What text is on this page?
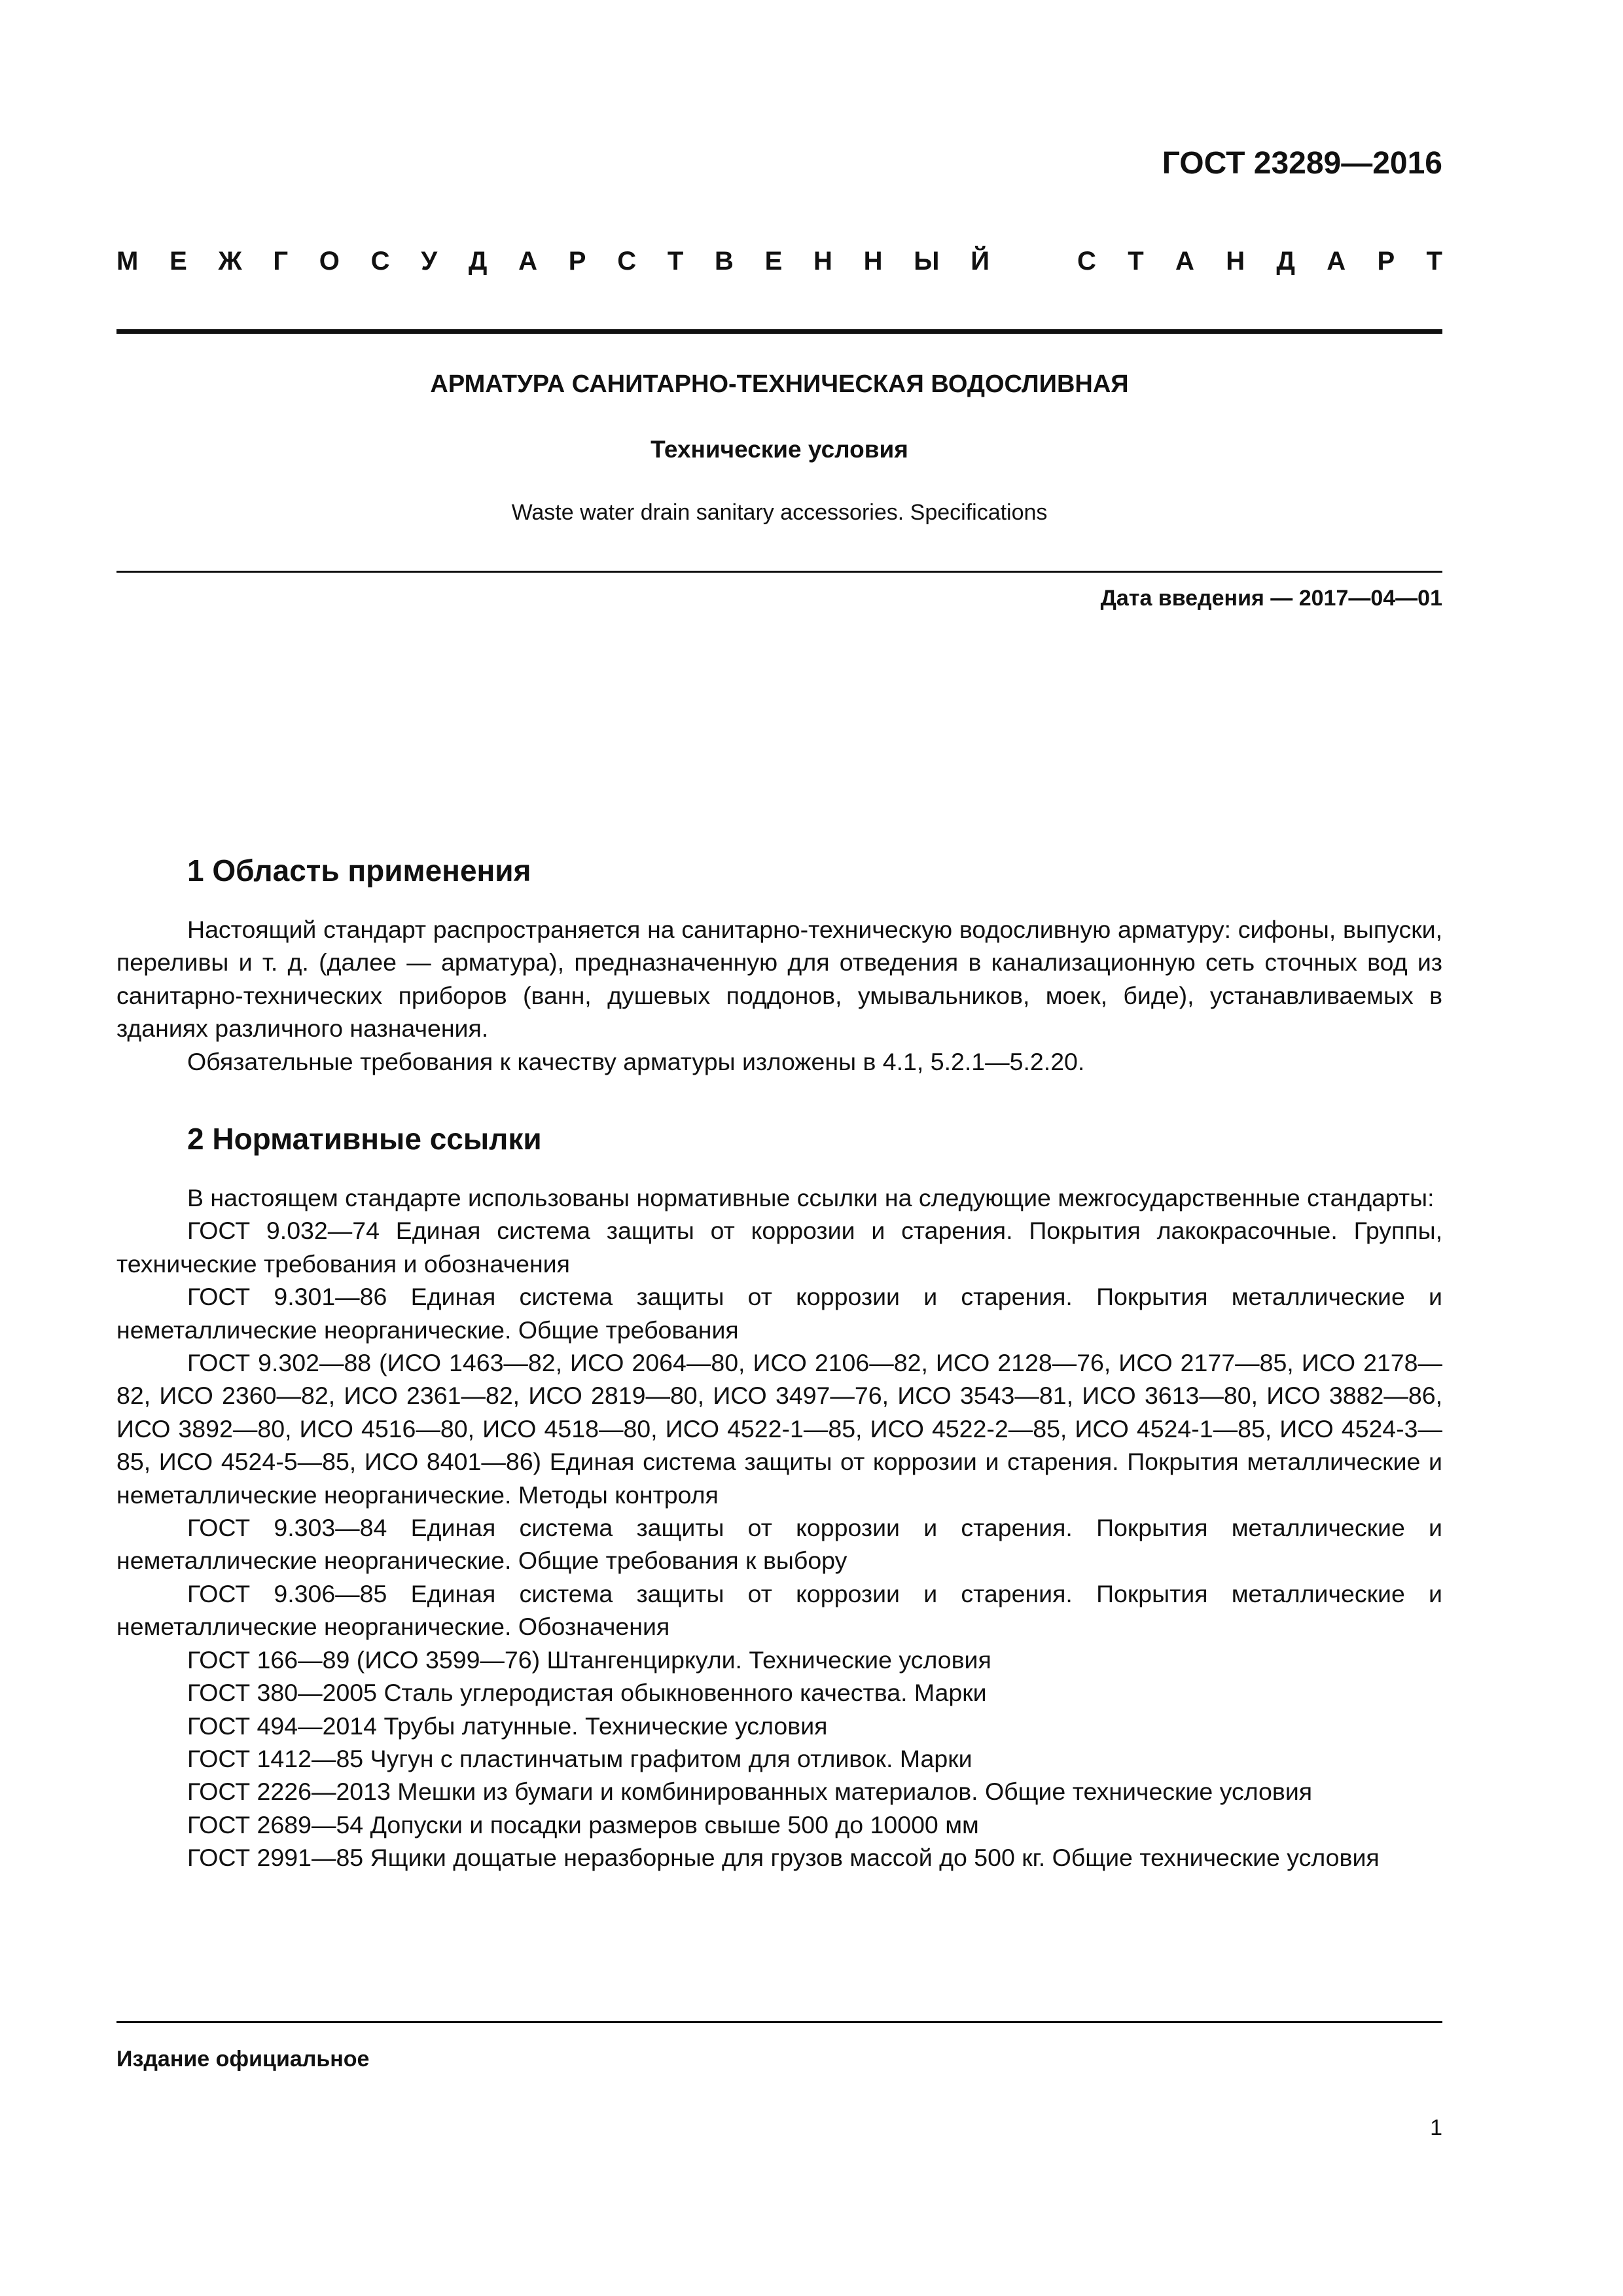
ГОСТ 23289—2016
М Е Ж Г О С У Д А Р С Т В Е Н Н Ы Й	С Т А Н Д А Р Т
АРМАТУРА САНИТАРНО-ТЕХНИЧЕСКАЯ ВОДОСЛИВНАЯ
Технические условия
Waste water drain sanitary accessories. Specifications
Дата введения — 2017—04—01
1 Область применения

Настоящий стандарт распространяется на санитарно-техническую водосливную арматуру: сифоны, выпуски, переливы и т. д. (далее — арматура), предназначенную для отведения в канализационную сеть сточных вод из санитарно-технических приборов (ванн, душевых поддонов, умывальников, моек, биде), устанавливаемых в зданиях различного назначения.

Обязательные требования к качеству арматуры изложены в 4.1, 5.2.1—5.2.20.

2 Нормативные ссылки

В настоящем стандарте использованы нормативные ссылки на следующие межгосударственные стандарты:

ГОСТ 9.032—74 Единая система защиты от коррозии и старения. Покрытия лакокрасочные. Группы, технические требования и обозначения

ГОСТ 9.301—86 Единая система защиты от коррозии и старения. Покрытия металлические и неметаллические неорганические. Общие требования

ГОСТ 9.302—88 (ИСО 1463—82, ИСО 2064—80, ИСО 2106—82, ИСО 2128—76, ИСО 2177—85, ИСО 2178—82, ИСО 2360—82, ИСО 2361—82, ИСО 2819—80, ИСО 3497—76, ИСО 3543—81, ИСО 3613—80, ИСО 3882—86, ИСО 3892—80, ИСО 4516—80, ИСО 4518—80, ИСО 4522-1—85, ИСО 4522-2—85, ИСО 4524-1—85, ИСО 4524-3—85, ИСО 4524-5—85, ИСО 8401—86) Единая система защиты от коррозии и старения. Покрытия металлические и неметаллические неорганические. Методы контроля

ГОСТ 9.303—84 Единая система защиты от коррозии и старения. Покрытия металлические и неметаллические неорганические. Общие требования к выбору

ГОСТ 9.306—85 Единая система защиты от коррозии и старения. Покрытия металлические и неметаллические неорганические. Обозначения

ГОСТ 166—89 (ИСО 3599—76) Штангенциркули. Технические условия

ГОСТ 380—2005 Сталь углеродистая обыкновенного качества. Марки

ГОСТ 494—2014 Трубы латунные. Технические условия

ГОСТ 1412—85 Чугун с пластинчатым графитом для отливок. Марки

ГОСТ 2226—2013 Мешки из бумаги и комбинированных материалов. Общие технические условия

ГОСТ 2689—54 Допуски и посадки размеров свыше 500 до 10000 мм

ГОСТ 2991—85 Ящики дощатые неразборные для грузов массой до 500 кг. Общие технические условия

Издание официальное
1
